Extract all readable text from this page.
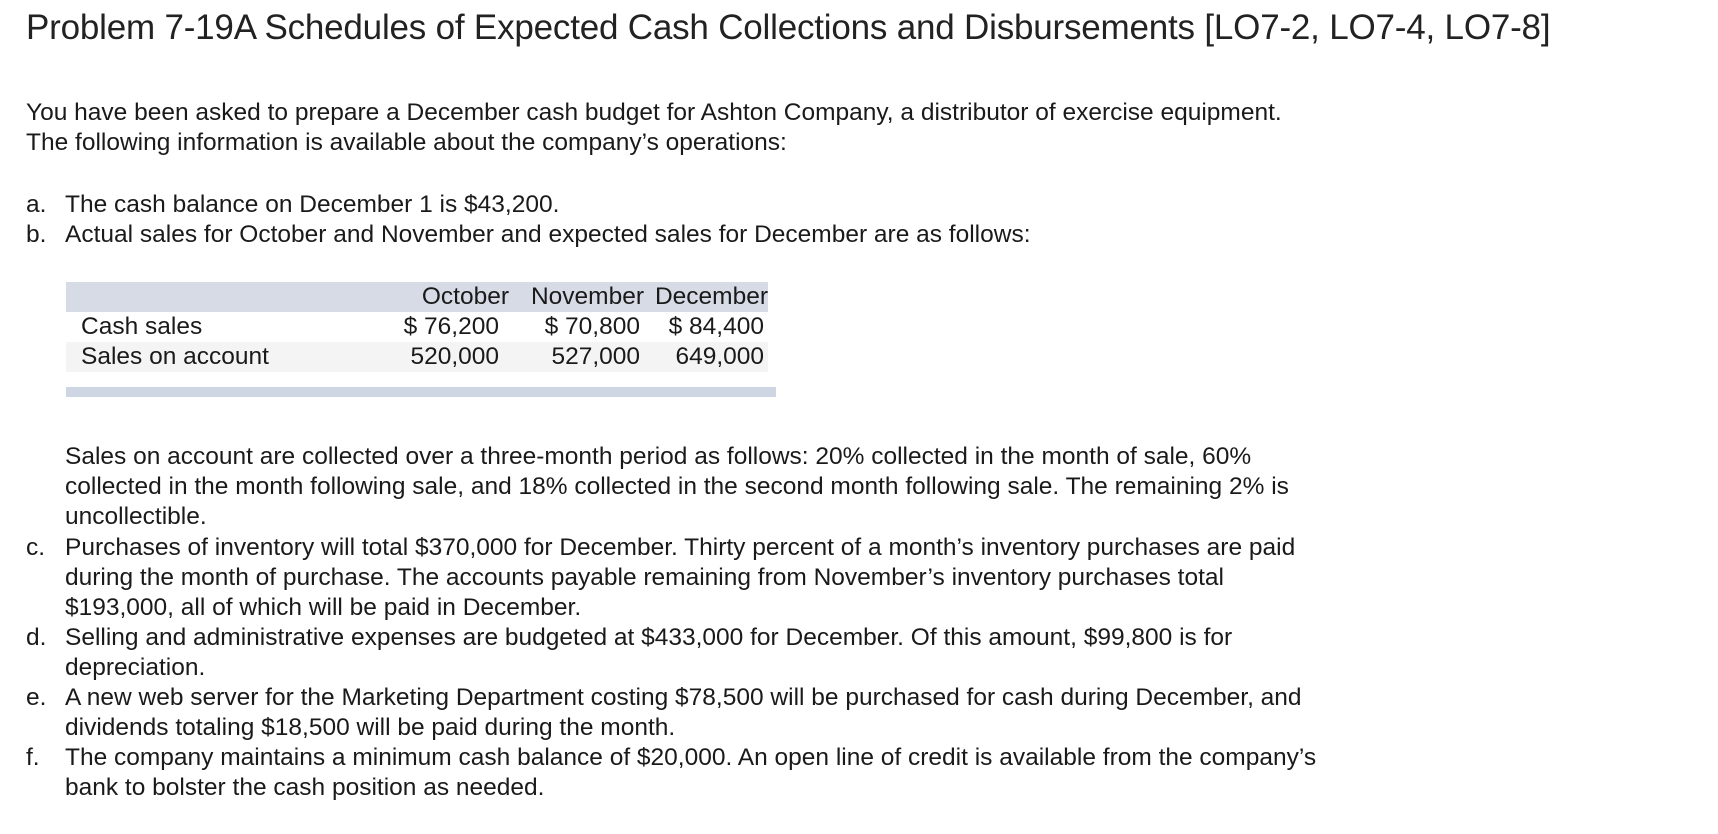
Problem 7-19A Schedules of Expected Cash Collections and Disbursements [LO7-2, LO7-4, LO7-8]
You have been asked to prepare a December cash budget for Ashton Company, a distributor of exercise equipment. The following information is available about the company’s operations:
a. The cash balance on December 1 is $43,200.
b. Actual sales for October and November and expected sales for December are as follows:
October November December
Cash sales	$ 76,200	$ 70,800	$ 84,400
Sales on account	520,000	527,000	649,000
Sales on account are collected over a three-month period as follows: 20% collected in the month of sale, 60% collected in the month following sale, and 18% collected in the second month following sale. The remaining 2% is uncollectible.
c. Purchases of inventory will total $370,000 for December. Thirty percent of a month’s inventory purchases are paid during the month of purchase. The accounts payable remaining from November’s inventory purchases total $193,000, all of which will be paid in December.
d. Selling and administrative expenses are budgeted at $433,000 for December. Of this amount, $99,800 is for depreciation.
e. A new web server for the Marketing Department costing $78,500 will be purchased for cash during December, and dividends totaling $18,500 will be paid during the month.
f. The company maintains a minimum cash balance of $20,000. An open line of credit is available from the company’s bank to bolster the cash position as needed.
